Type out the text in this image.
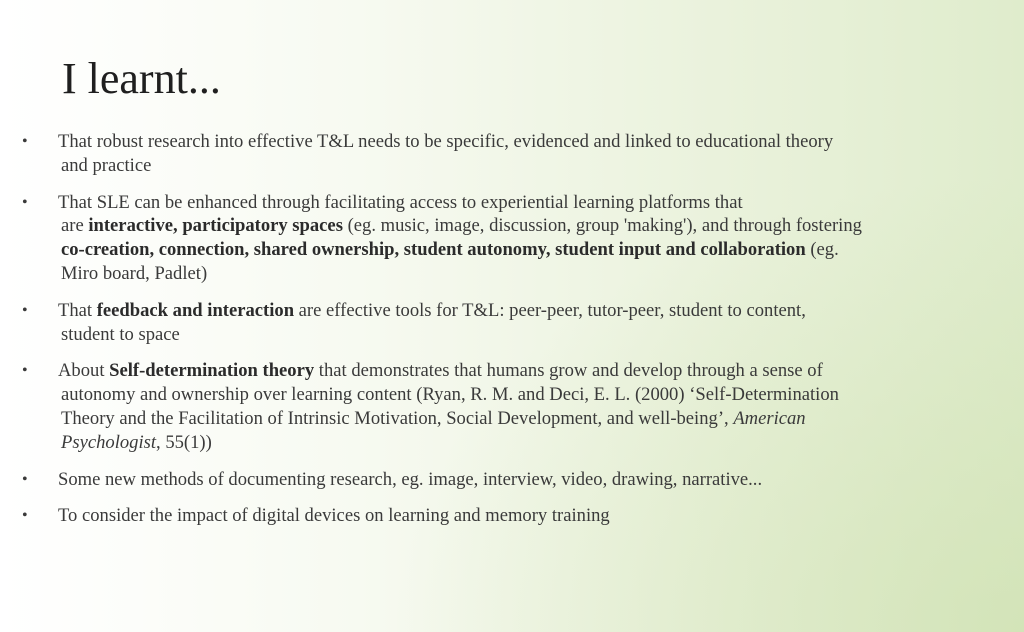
I learnt...
• That robust research into effective T&L needs to be specific, evidenced and linked to educational theory
and practice
• That SLE can be enhanced through facilitating access to experiential learning platforms that
are interactive, participatory spaces (eg. music, image, discussion, group 'making'), and through fostering
co-creation, connection, shared ownership, student autonomy, student input and collaboration (eg.
Miro board, Padlet)
• That feedback and interaction are effective tools for T&L: peer-peer, tutor-peer, student to content,
student to space
• About Self-determination theory that demonstrates that humans grow and develop through a sense of
autonomy and ownership over learning content (Ryan, R. M. and Deci, E. L. (2000) ‘Self-Determination
Theory and the Facilitation of Intrinsic Motivation, Social Development, and well-being’, American
Psychologist, 55(1))
• Some new methods of documenting research, eg. image, interview, video, drawing, narrative...
• To consider the impact of digital devices on learning and memory training
